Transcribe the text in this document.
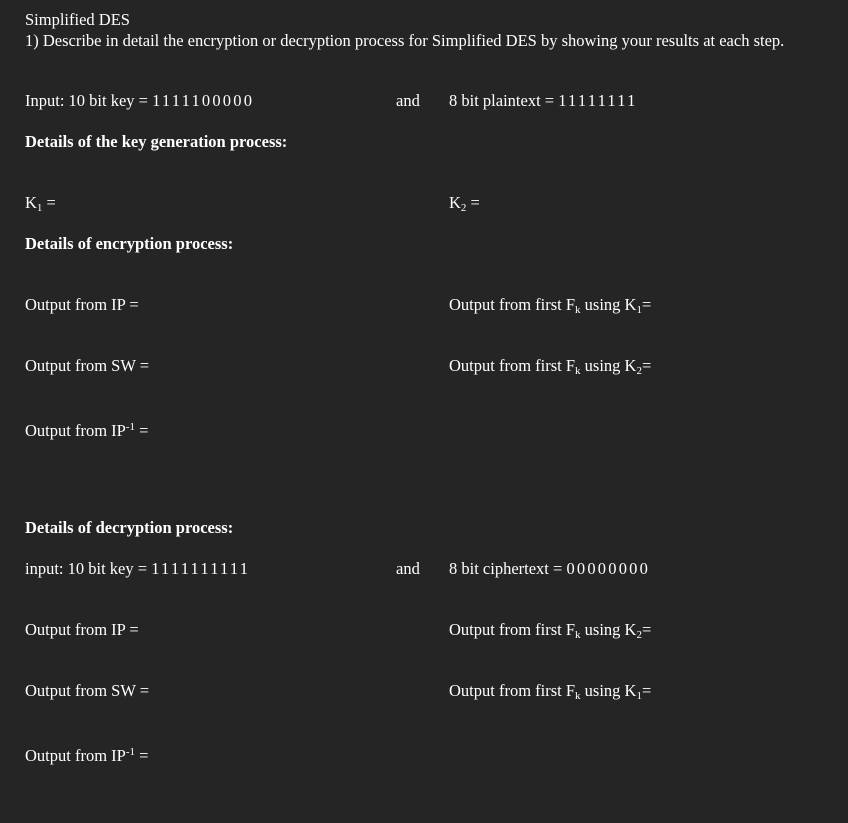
Simplified DES
1) Describe in detail the encryption or decryption process for Simplified DES by showing your results at each step.
Input: 10 bit key = 1111100000	and 8 bit plaintext = 11111111
Details of the key generation process:
$K_1$ =	$K_2$ =
Details of encryption process:
Output from IP =	Output from first $F_k$ using $K_1=$
Output from SW =	Output from first $F_k$ using $K_2=$
Output from $IP^{-1}$ =
Details of decryption process:
input: 10 bit key = 1111111111	and 8 bit ciphertext = 00000000
Output from IP =	Output from first $F_k$ using $K_2=$
Output from SW =	Output from first $F_k$ using $K_1=$
Output from $IP^{-1}$ =
